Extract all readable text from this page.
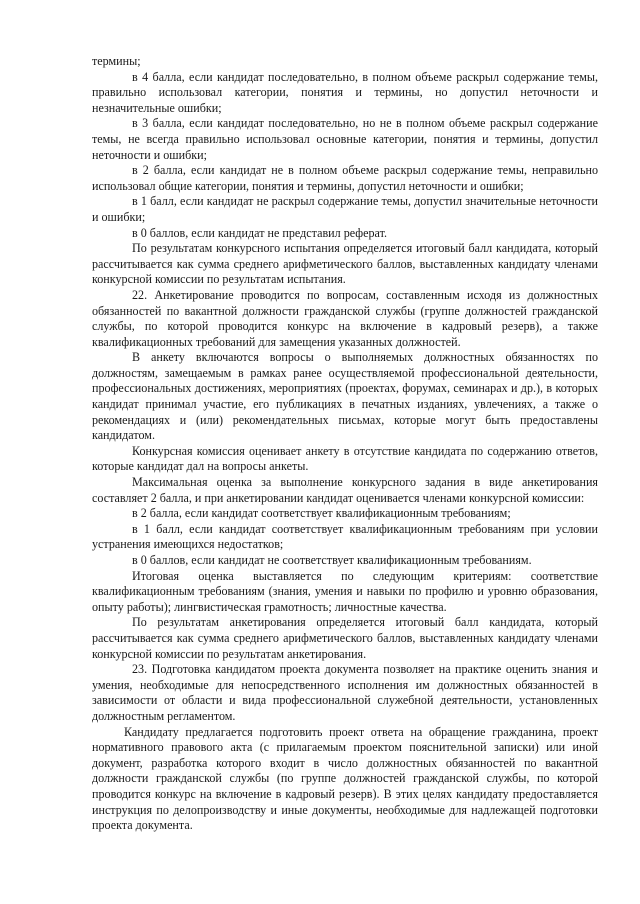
термины;

в 4 балла, если кандидат последовательно, в полном объеме раскрыл содержание темы, правильно использовал категории, понятия и термины, но допустил неточности и незначительные ошибки;

в 3 балла, если кандидат последовательно, но не в полном объеме раскрыл содержание темы, не всегда правильно использовал основные категории, понятия и термины, допустил неточности и ошибки;

в 2 балла, если кандидат не в полном объеме раскрыл содержание темы, неправильно использовал общие категории, понятия и термины, допустил неточности и ошибки;

в 1 балл, если кандидат не раскрыл содержание темы, допустил значительные неточности и ошибки;

в 0 баллов, если кандидат не представил реферат.

По результатам конкурсного испытания определяется итоговый балл кандидата, который рассчитывается как сумма среднего арифметического баллов, выставленных кандидату членами конкурсной комиссии по результатам испытания.

22. Анкетирование проводится по вопросам, составленным исходя из должностных обязанностей по вакантной должности гражданской службы (группе должностей гражданской службы, по которой проводится конкурс на включение в кадровый резерв), а также квалификационных требований для замещения указанных должностей.

В анкету включаются вопросы о выполняемых должностных обязанностях по должностям, замещаемым в рамках ранее осуществляемой профессиональной деятельности, профессиональных достижениях, мероприятиях (проектах, форумах, семинарах и др.), в которых кандидат принимал участие, его публикациях в печатных изданиях, увлечениях, а также о рекомендациях и (или) рекомендательных письмах, которые могут быть предоставлены кандидатом.

Конкурсная комиссия оценивает анкету в отсутствие кандидата по содержанию ответов, которые кандидат дал на вопросы анкеты.

Максимальная оценка за выполнение конкурсного задания в виде анкетирования составляет 2 балла, и при анкетировании кандидат оценивается членами конкурсной комиссии:

в 2 балла, если кандидат соответствует квалификационным требованиям;

в 1 балл, если кандидат соответствует квалификационным требованиям при условии устранения имеющихся недостатков;

в 0 баллов, если кандидат не соответствует квалификационным требованиям.

Итоговая оценка выставляется по следующим критериям: соответствие квалификационным требованиям (знания, умения и навыки по профилю и уровню образования, опыту работы); лингвистическая грамотность; личностные качества.

По результатам анкетирования определяется итоговый балл кандидата, который рассчитывается как сумма среднего арифметического баллов, выставленных кандидату членами конкурсной комиссии по результатам анкетирования.

23. Подготовка кандидатом проекта документа позволяет на практике оценить знания и умения, необходимые для непосредственного исполнения им должностных обязанностей в зависимости от области и вида профессиональной служебной деятельности, установленных должностным регламентом.

Кандидату предлагается подготовить проект ответа на обращение гражданина, проект нормативного правового акта (с прилагаемым проектом пояснительной записки) или иной документ, разработка которого входит в число должностных обязанностей по вакантной должности гражданской службы (по группе должностей гражданской службы, по которой проводится конкурс на включение в кадровый резерв). В этих целях кандидату предоставляется инструкция по делопроизводству и иные документы, необходимые для надлежащей подготовки проекта документа.
